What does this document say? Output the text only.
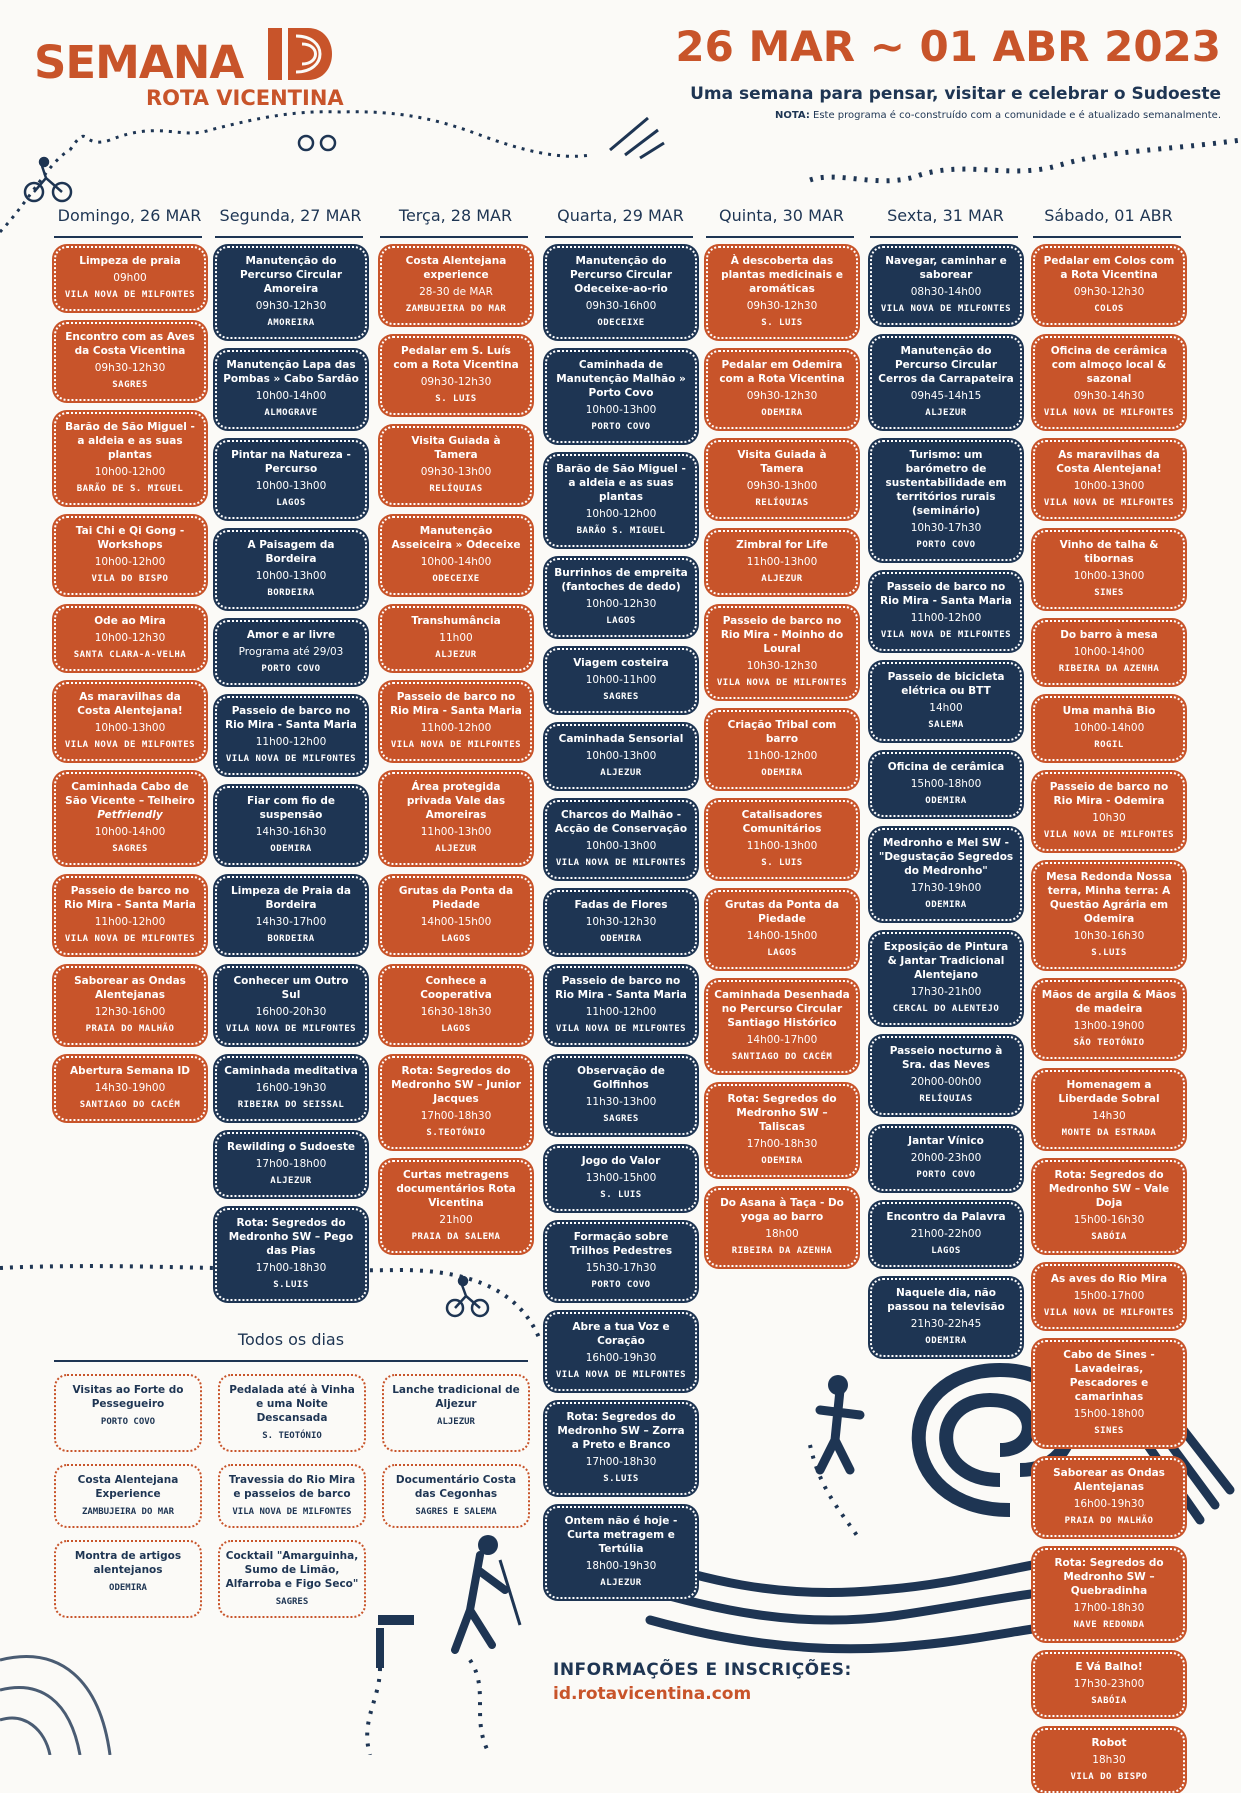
SEMANA
ROTA VICENTINA
26 MAR ~ 01 ABR 2023
Uma semana para pensar, visitar e celebrar o Sudoeste
NOTA: Este programa é co-construído com a comunidade e é atualizado semanalmente.
Domingo, 26 MAR
Limpeza de praia
09h00
VILA NOVA DE MILFONTES
Encontro com as Aves da Costa Vicentina
09h30-12h30
SAGRES
Barão de São Miguel - a aldeia e as suas plantas
10h00-12h00
BARÃO DE S. MIGUEL
Tai Chi e Qi Gong - Workshops
10h00-12h00
VILA DO BISPO
Ode ao Mira
10h00-12h30
SANTA CLARA-A-VELHA
As maravilhas da Costa Alentejana!
10h00-13h00
VILA NOVA DE MILFONTES
Caminhada Cabo de São Vicente – Telheiro
Petfriendly
10h00-14h00
SAGRES
Passeio de barco no Rio Mira - Santa Maria
11h00-12h00
VILA NOVA DE MILFONTES
Saborear as Ondas Alentejanas
12h30-16h00
PRAIA DO MALHÃO
Abertura Semana ID
14h30-19h00
SANTIAGO DO CACÉM
Segunda, 27 MAR
Manutenção do Percurso Circular Amoreira
09h30-12h30
AMOREIRA
Manutenção Lapa das Pombas » Cabo Sardão
10h00-14h00
ALMOGRAVE
Pintar na Natureza - Percurso
10h00-13h00
LAGOS
A Paisagem da Bordeira
10h00-13h00
BORDEIRA
Amor e ar livre
Programa até 29/03
PORTO COVO
Passeio de barco no Rio Mira - Santa Maria
11h00-12h00
VILA NOVA DE MILFONTES
Fiar com fio de suspensão
14h30-16h30
ODEMIRA
Limpeza de Praia da Bordeira
14h30-17h00
BORDEIRA
Conhecer um Outro Sul
16h00-20h30
VILA NOVA DE MILFONTES
Caminhada meditativa
16h00-19h30
RIBEIRA DO SEISSAL
Rewilding o Sudoeste
17h00-18h00
ALJEZUR
Rota: Segredos do Medronho SW – Pego das Pias
17h00-18h30
S.LUIS
Terça, 28 MAR
Costa Alentejana experience
28-30 de MAR
ZAMBUJEIRA DO MAR
Pedalar em S. Luís com a Rota Vicentina
09h30-12h30
S. LUIS
Visita Guiada à Tamera
09h30-13h00
RELÍQUIAS
Manutenção Asseiceira » Odeceixe
10h00-14h00
ODECEIXE
Transhumância
11h00
ALJEZUR
Passeio de barco no Rio Mira - Santa Maria
11h00-12h00
VILA NOVA DE MILFONTES
Área protegida privada Vale das Amoreiras
11h00-13h00
ALJEZUR
Grutas da Ponta da Piedade
14h00-15h00
LAGOS
Conhece a Cooperativa
16h30-18h30
LAGOS
Rota: Segredos do Medronho SW – Junior Jacques
17h00-18h30
S.TEOTÓNIO
Curtas metragens documentários Rota Vicentina
21h00
PRAIA DA SALEMA
Quarta, 29 MAR
Manutenção do Percurso Circular Odeceixe-ao-rio
09h30-16h00
ODECEIXE
Caminhada de Manutenção Malhão » Porto Covo
10h00-13h00
PORTO COVO
Barão de São Miguel - a aldeia e as suas plantas
10h00-12h00
BARÃO S. MIGUEL
Burrinhos de empreita (fantoches de dedo)
10h00-12h30
LAGOS
Viagem costeira
10h00-11h00
SAGRES
Caminhada Sensorial
10h00-13h00
ALJEZUR
Charcos do Malhão - Acção de Conservação
10h00-13h00
VILA NOVA DE MILFONTES
Fadas de Flores
10h30-12h30
ODEMIRA
Passeio de barco no Rio Mira - Santa Maria
11h00-12h00
VILA NOVA DE MILFONTES
Observação de Golfinhos
11h30-13h00
SAGRES
Jogo do Valor
13h00-15h00
S. LUIS
Formação sobre Trilhos Pedestres
15h30-17h30
PORTO COVO
Abre a tua Voz e Coração
16h00-19h30
VILA NOVA DE MILFONTES
Rota: Segredos do Medronho SW – Zorra a Preto e Branco
17h00-18h30
S.LUIS
Ontem não é hoje - Curta metragem e Tertúlia
18h00-19h30
ALJEZUR
Quinta, 30 MAR
À descoberta das plantas medicinais e aromáticas
09h30-12h30
S. LUIS
Pedalar em Odemira com a Rota Vicentina
09h30-12h30
ODEMIRA
Visita Guiada à Tamera
09h30-13h00
RELÍQUIAS
Zimbral for Life
11h00-13h00
ALJEZUR
Passeio de barco no Rio Mira - Moinho do Loural
10h30-12h30
VILA NOVA DE MILFONTES
Criação Tribal com barro
11h00-12h00
ODEMIRA
Catalisadores Comunitários
11h00-13h00
S. LUIS
Grutas da Ponta da Piedade
14h00-15h00
LAGOS
Caminhada Desenhada no Percurso Circular Santiago Histórico
14h00-17h00
SANTIAGO DO CACÉM
Rota: Segredos do Medronho SW – Taliscas
17h00-18h30
ODEMIRA
Do Asana à Taça - Do yoga ao barro
18h00
RIBEIRA DA AZENHA
Sexta, 31 MAR
Navegar, caminhar e saborear
08h30-14h00
VILA NOVA DE MILFONTES
Manutenção do Percurso Circular Cerros da Carrapateira
09h45-14h15
ALJEZUR
Turismo: um barómetro de sustentabilidade em territórios rurais (seminário)
10h30-17h30
PORTO COVO
Passeio de barco no Rio Mira - Santa Maria
11h00-12h00
VILA NOVA DE MILFONTES
Passeio de bicicleta elétrica ou BTT
14h00
SALEMA
Oficina de cerâmica
15h00-18h00
ODEMIRA
Medronho e Mel SW - "Degustação Segredos do Medronho"
17h30-19h00
ODEMIRA
Exposição de Pintura & Jantar Tradicional Alentejano
17h30-21h00
CERCAL DO ALENTEJO
Passeio nocturno à Sra. das Neves
20h00-00h00
RELÍQUIAS
Jantar Vínico
20h00-23h00
PORTO COVO
Encontro da Palavra
21h00-22h00
LAGOS
Naquele dia, não passou na televisão
21h30-22h45
ODEMIRA
Sábado, 01 ABR
Pedalar em Colos com a Rota Vicentina
09h30-12h30
COLOS
Oficina de cerâmica com almoço local & sazonal
09h30-14h30
VILA NOVA DE MILFONTES
As maravilhas da Costa Alentejana!
10h00-13h00
VILA NOVA DE MILFONTES
Vinho de talha & tibornas
10h00-13h00
SINES
Do barro à mesa
10h00-14h00
RIBEIRA DA AZENHA
Uma manhã Bio
10h00-14h00
ROGIL
Passeio de barco no Rio Mira - Odemira
10h30
VILA NOVA DE MILFONTES
Mesa Redonda Nossa terra, Minha terra: A Questão Agrária em Odemira
10h30-16h30
S.LUIS
Mãos de argila & Mãos de madeira
13h00-19h00
SÃO TEOTÓNIO
Homenagem a Liberdade Sobral
14h30
MONTE DA ESTRADA
Rota: Segredos do Medronho SW – Vale Doja
15h00-16h30
SABÓIA
As aves do Rio Mira
15h00-17h00
VILA NOVA DE MILFONTES
Cabo de Sines - Lavadeiras, Pescadores e camarinhas
15h00-18h00
SINES
Saborear as Ondas Alentejanas
16h00-19h30
PRAIA DO MALHÃO
Rota: Segredos do Medronho SW – Quebradinha
17h00-18h30
NAVE REDONDA
E Vá Balho!
17h30-23h00
SABÓIA
Robot
18h30
VILA DO BISPO
Todos os dias
Visitas ao Forte do Pessegueiro
PORTO COVO
Pedalada até à Vinha e uma Noite Descansada
S. TEOTÓNIO
Lanche tradicional de Aljezur
ALJEZUR
Costa Alentejana Experience
ZAMBUJEIRA DO MAR
Travessia do Rio Mira e passeios de barco
VILA NOVA DE MILFONTES
Documentário Costa das Cegonhas
SAGRES E SALEMA
Montra de artigos alentejanos
ODEMIRA
Cocktail "Amarguinha, Sumo de Limão, Alfarroba e Figo Seco"
SAGRES
INFORMAÇÕES E INSCRIÇÕES:
id.rotavicentina.com
